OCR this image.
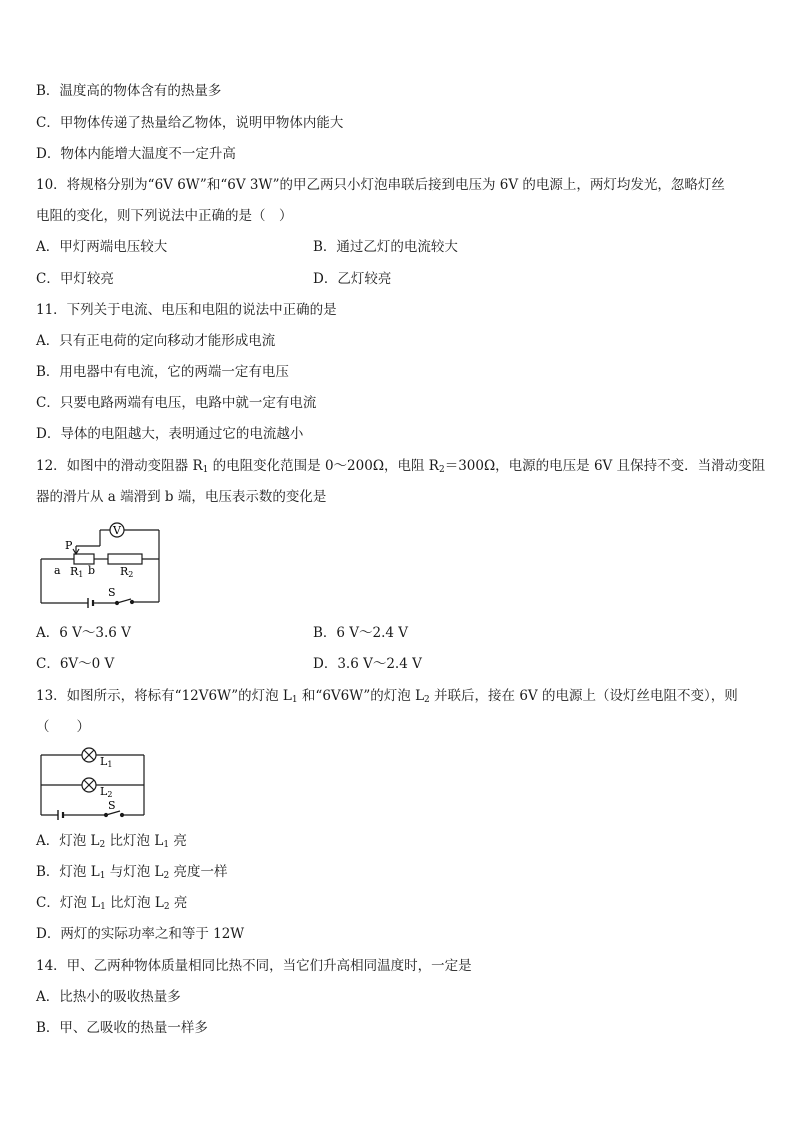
B．温度高的物体含有的热量多
C．甲物体传递了热量给乙物体，说明甲物体内能大
D．物体内能增大温度不一定升高
10．将规格分别为“6V 6W”和“6V 3W”的甲乙两只小灯泡串联后接到电压为 6V 的电源上，两灯均发光，忽略灯丝
电阻的变化，则下列说法中正确的是（　）
A．甲灯两端电压较大	B．通过乙灯的电流较大
C．甲灯较亮	D．乙灯较亮
11．下列关于电流、电压和电阻的说法中正确的是
A．只有正电荷的定向移动才能形成电流
B．用电器中有电流，它的两端一定有电压
C．只要电路两端有电压，电路中就一定有电流
D．导体的电阻越大，表明通过它的电流越小
12．如图中的滑动变阻器 $R_1$ 的电阻变化范围是 0～200Ω，电阻 $R_2=300\Omega$，电源的电压是 6V 且保持不变．当滑动变阻
器的滑片从 a 端滑到 b 端，电压表示数的变化是
V
P
a b
R1	R2
S
A．6 V～3.6 V	B．6 V～2.4 V
C．6V～0 V	D．3.6 V～2.4 V
13．如图所示，将标有“12V6W”的灯泡 $L_1$ 和“6V6W”的灯泡 $L_2$ 并联后，接在 6V 的电源上（设灯丝电阻不变），则
（　　）
L1
L2
S
A．灯泡 $L_2$ 比灯泡 $L_1$ 亮
B．灯泡 $L_1$ 与灯泡 $L_2$ 亮度一样
C．灯泡 $L_1$ 比灯泡 $L_2$ 亮
D．两灯的实际功率之和等于 12W
14．甲、乙两种物体质量相同比热不同，当它们升高相同温度时，一定是
A．比热小的吸收热量多
B．甲、乙吸收的热量一样多
